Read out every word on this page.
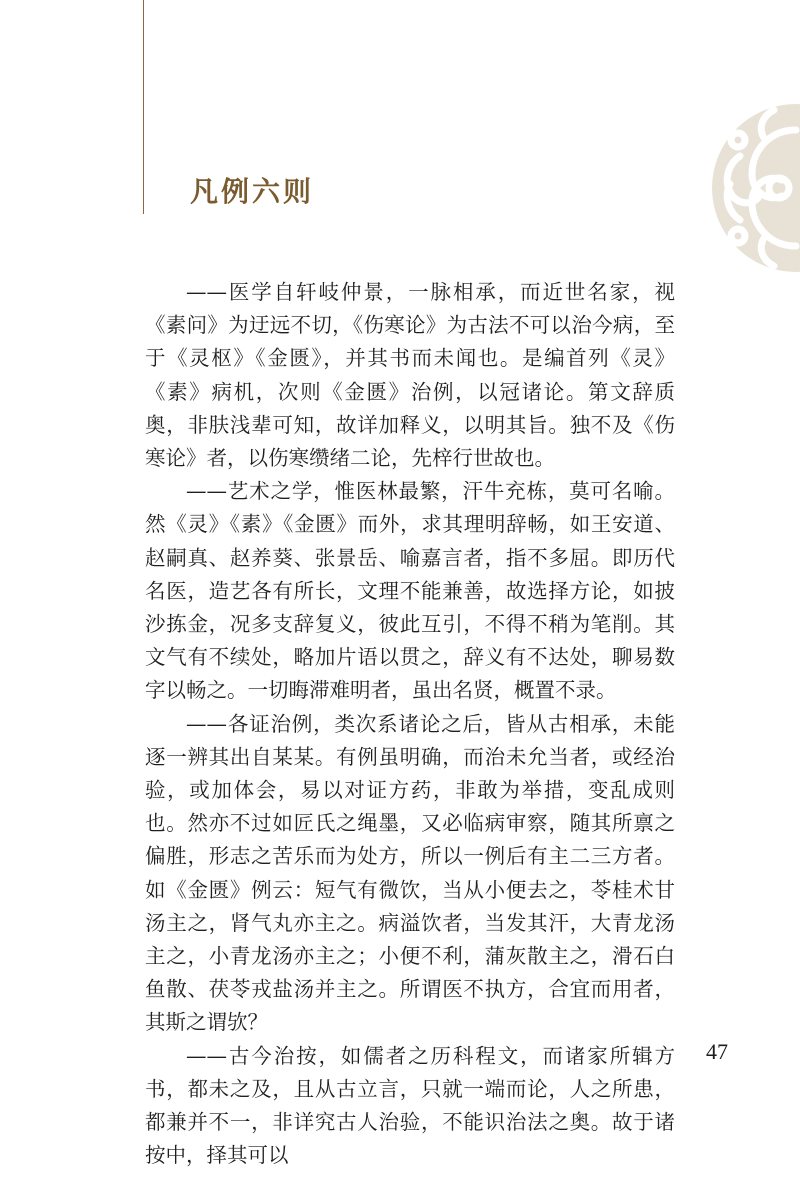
凡例六则

——医学自轩岐仲景，一脉相承，而近世名家，视《素问》为迂远不切，《伤寒论》为古法不可以治今病，至于《灵枢》《金匮》，并其书而未闻也。是编首列《灵》《素》病机，次则《金匮》治例，以冠诸论。第文辞质奥，非肤浅辈可知，故详加释义，以明其旨。独不及《伤寒论》者，以伤寒缵绪二论，先梓行世故也。

——艺术之学，惟医林最繁，汗牛充栋，莫可名喻。然《灵》《素》《金匮》而外，求其理明辞畅，如王安道、赵嗣真、赵养葵、张景岳、喻嘉言者，指不多屈。即历代名医，造艺各有所长，文理不能兼善，故选择方论，如披沙拣金，况多支辞复义，彼此互引，不得不稍为笔削。其文气有不续处，略加片语以贯之，辞义有不达处，聊易数字以畅之。一切晦滞难明者，虽出名贤，概置不录。

——各证治例，类次系诸论之后，皆从古相承，未能逐一辨其出自某某。有例虽明确，而治未允当者，或经治验，或加体会，易以对证方药，非敢为举措，变乱成则也。然亦不过如匠氏之绳墨，又必临病审察，随其所禀之偏胜，形志之苦乐而为处方，所以一例后有主二三方者。如《金匮》例云：短气有微饮，当从小便去之，苓桂术甘汤主之，肾气丸亦主之。病溢饮者，当发其汗，大青龙汤主之，小青龙汤亦主之；小便不利，蒲灰散主之，滑石白鱼散、茯苓戎盐汤并主之。所谓医不执方，合宜而用者，其斯之谓欤？

——古今治按，如儒者之历科程文，而诸家所辑方书，都未之及，且从古立言，只就一端而论，人之所患，都兼并不一，非详究古人治验，不能识治法之奥。故于诸按中，择其可以

47
